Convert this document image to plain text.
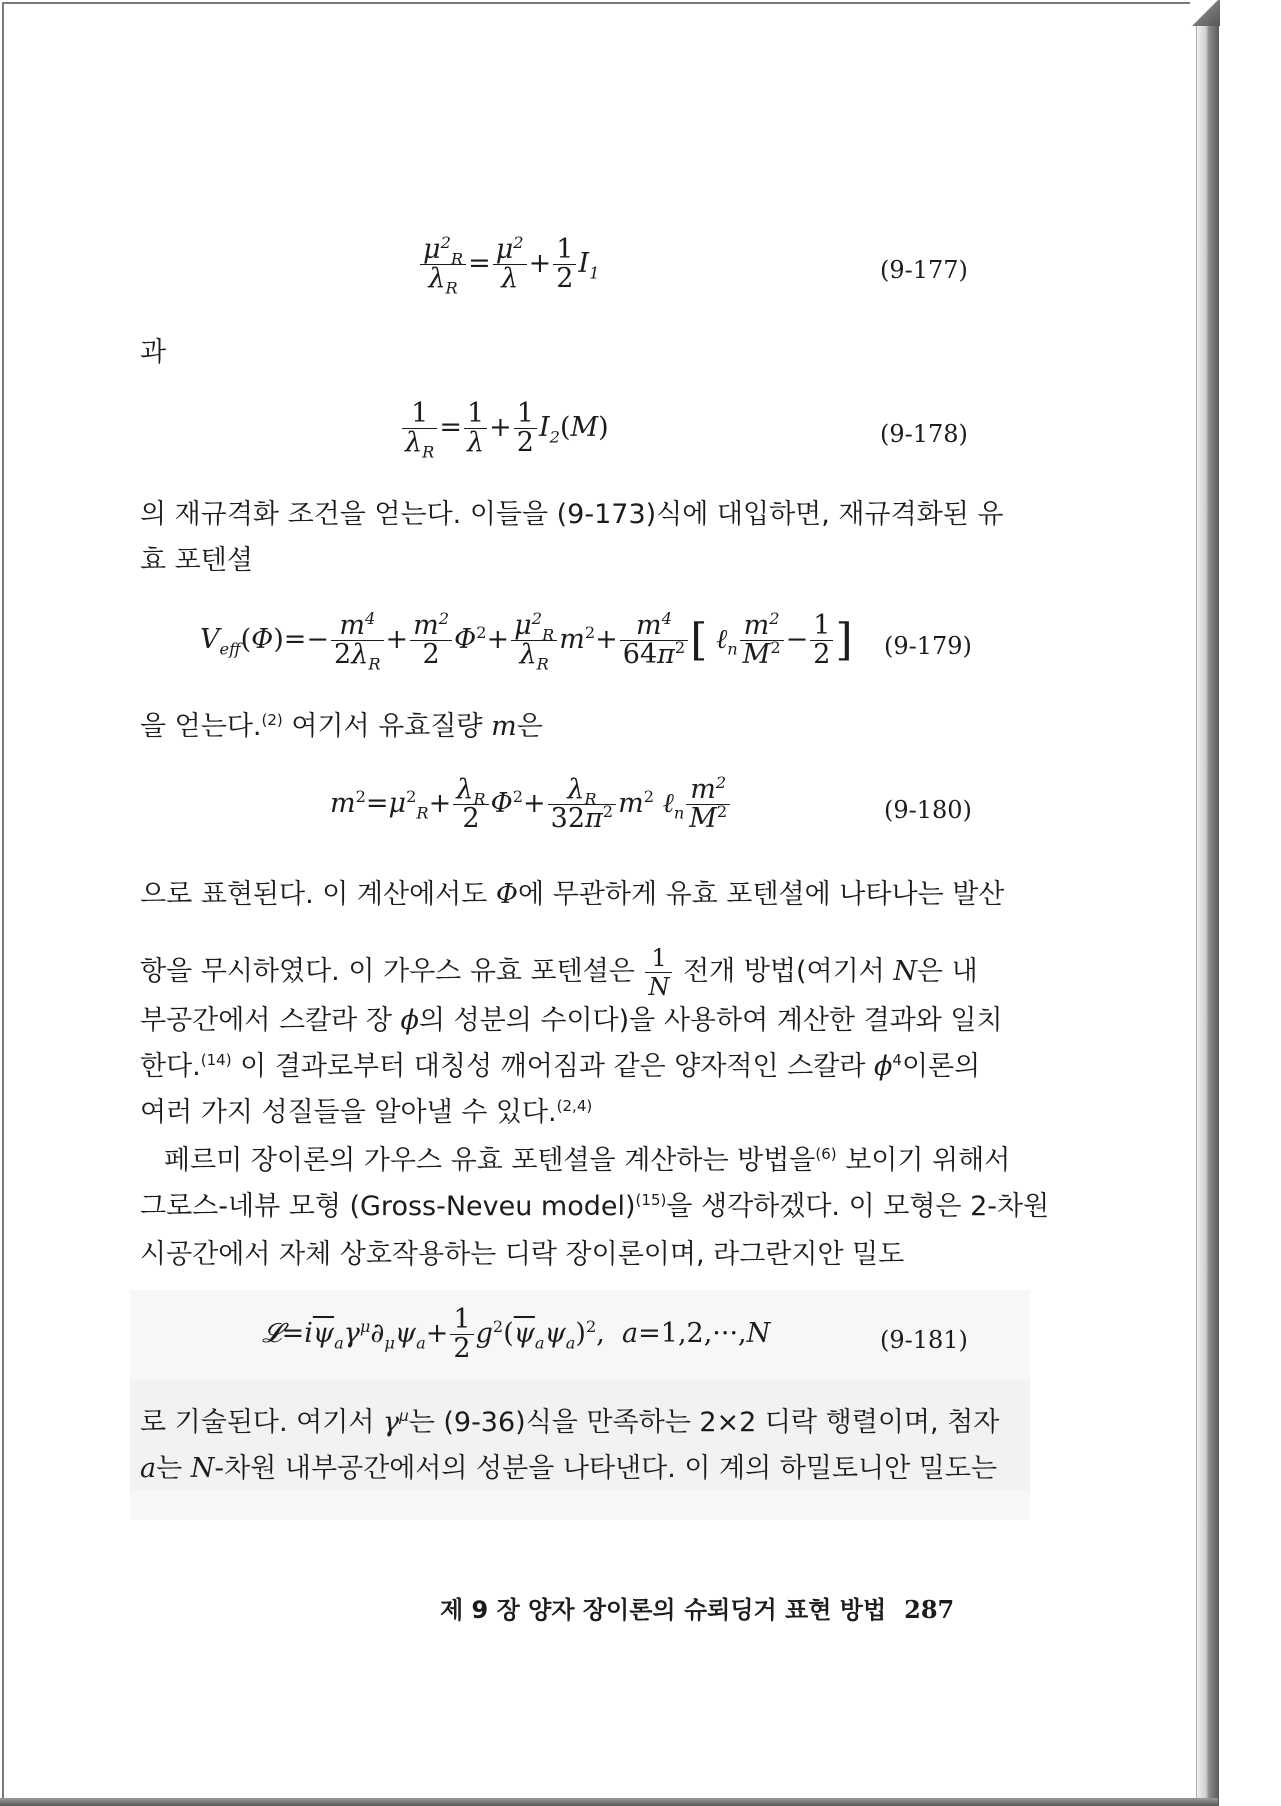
$\frac{\mu^2_R}{\lambda_R} = \frac{\mu^2}{\lambda} + \frac{1}{2} I_1$	(9-177)
과
$\frac{1}{\lambda_R} = \frac{1}{\lambda} + \frac{1}{2} I_2(M)$	(9-178)
의 재규격화 조건을 얻는다. 이들을 (9-173)식에 대입하면, 재규격화된 유
효 포텐셜
$V_{eff}(\Phi)=- \frac{m^4}{2\lambda_R} + \frac{m^2}{2} \Phi^2+ \frac{\mu^2_R}{\lambda_R} m^2+ \frac{m^4}{64\pi^2}$ [ ℓ$_n$ $\frac{m^2}{M^2} - \frac{1}{2}$ ] (9-179)
을 얻는다.$^{(2)}$ 여기서 유효질량 m은
$m^2=\mu^2_R+ \frac{\lambda_R}{2} \Phi^2+ \frac{\lambda_R}{32\pi^2} m^2$ ℓ$_n$ $\frac{m^2}{M^2}$	(9-180)
으로 표현된다. 이 계산에서도 Φ에 무관하게 유효 포텐셜에 나타나는 발산
항을 무시하였다. 이 가우스 유효 포텐셜은 $\frac{1}{N}$ 전개 방법(여기서 N은 내
부공간에서 스칼라 장 ϕ의 성분의 수이다)을 사용하여 계산한 결과와 일치
한다.$^{(14)}$ 이 결과로부터 대칭성 깨어짐과 같은 양자적인 스칼라 $\phi^4$이론의
여러 가지 성질들을 알아낼 수 있다.$^{(2,4)}$
페르미 장이론의 가우스 유효 포텐셜을 계산하는 방법을$^{(6)}$ 보이기 위해서
그로스-네뷰 모형 (Gross-Neveu model)$^{(15)}$을 생각하겠다. 이 모형은 2-차원
시공간에서 자체 상호작용하는 디락 장이론이며, 라그란지안 밀도
$𝓛=i\overline{\psi}_a\gamma^\mu\partial_\mu\psi_a+ \frac{1}{2} g^2(\overline{\psi}_a\psi_a)^2$,  a=1,2,···,N	(9-181)
로 기술된다. 여기서 $\gamma^\mu$는 (9-36)식을 만족하는 2×2 디락 행렬이며, 첨자
a는 N-차원 내부공간에서의 성분을 나타낸다. 이 계의 하밀토니안 밀도는
제 9 장 양자 장이론의 슈뢰딩거 표현 방법 287
